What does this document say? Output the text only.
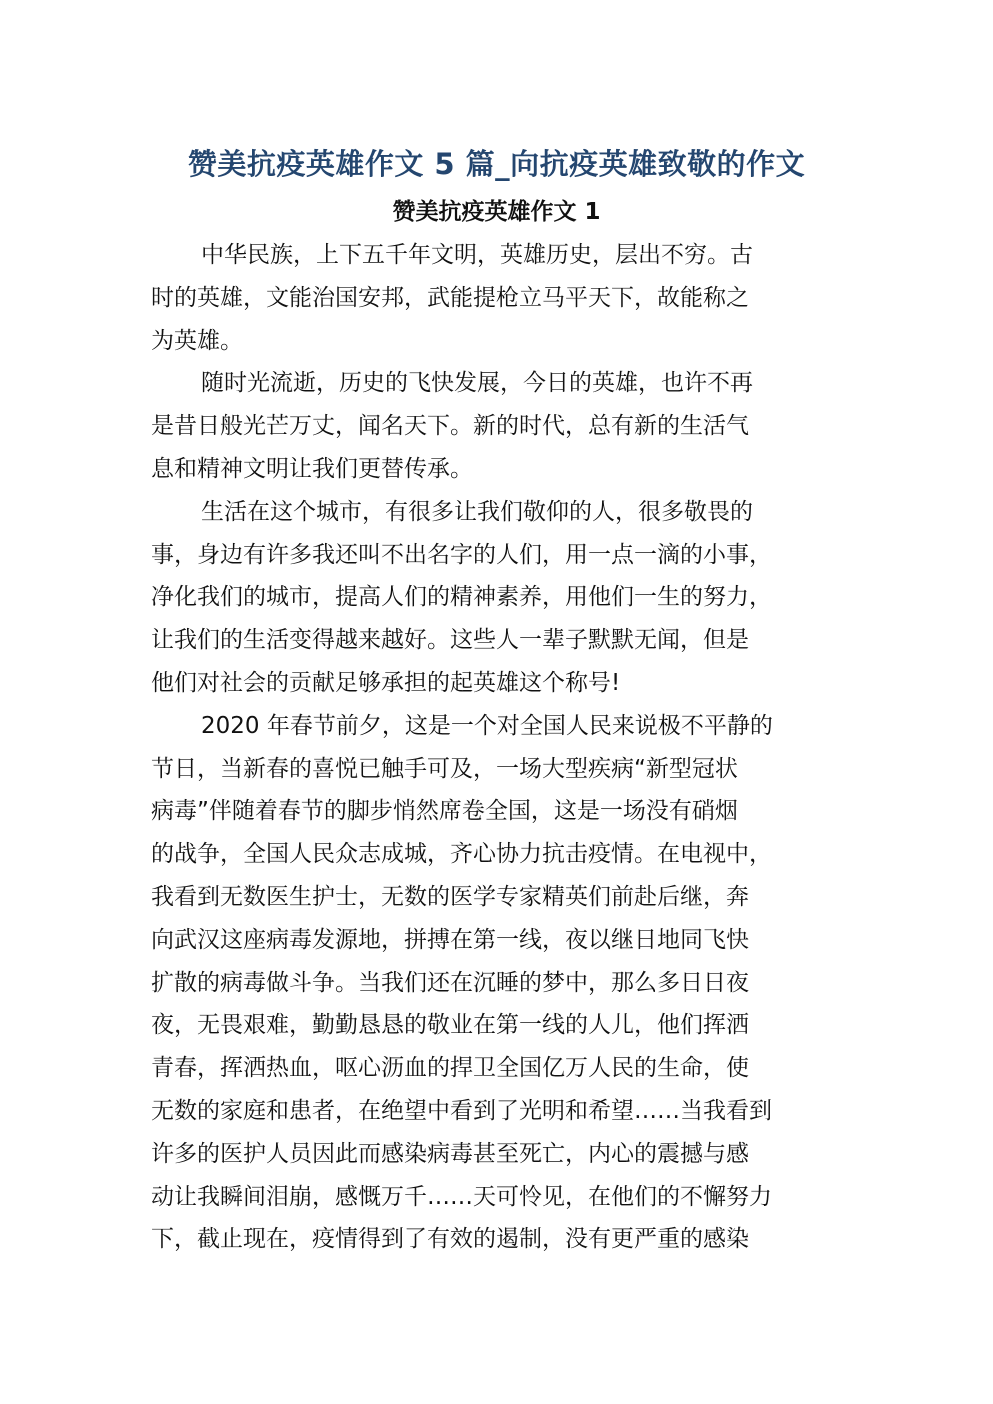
赞美抗疫英雄作文 5 篇_向抗疫英雄致敬的作文
赞美抗疫英雄作文 1

中华民族，上下五千年文明，英雄历史，层出不穷。古
时的英雄，文能治国安邦，武能提枪立马平天下，故能称之
为英雄。

随时光流逝，历史的飞快发展，今日的英雄，也许不再
是昔日般光芒万丈，闻名天下。新的时代，总有新的生活气
息和精神文明让我们更替传承。

生活在这个城市，有很多让我们敬仰的人，很多敬畏的
事，身边有许多我还叫不出名字的人们，用一点一滴的小事，
净化我们的城市，提高人们的精神素养，用他们一生的努力，
让我们的生活变得越来越好。这些人一辈子默默无闻，但是
他们对社会的贡献足够承担的起英雄这个称号!

2020 年春节前夕，这是一个对全国人民来说极不平静的
节日，当新春的喜悦已触手可及，一场大型疾病“新型冠状
病毒”伴随着春节的脚步悄然席卷全国，这是一场没有硝烟
的战争，全国人民众志成城，齐心协力抗击疫情。在电视中，
我看到无数医生护士，无数的医学专家精英们前赴后继，奔
向武汉这座病毒发源地，拼搏在第一线，夜以继日地同飞快
扩散的病毒做斗争。当我们还在沉睡的梦中，那么多日日夜
夜，无畏艰难，勤勤恳恳的敬业在第一线的人儿，他们挥洒
青春，挥洒热血，呕心沥血的捍卫全国亿万人民的生命，使
无数的家庭和患者，在绝望中看到了光明和希望……当我看到
许多的医护人员因此而感染病毒甚至死亡，内心的震撼与感
动让我瞬间泪崩，感慨万千……天可怜见，在他们的不懈努力
下，截止现在，疫情得到了有效的遏制，没有更严重的感染
